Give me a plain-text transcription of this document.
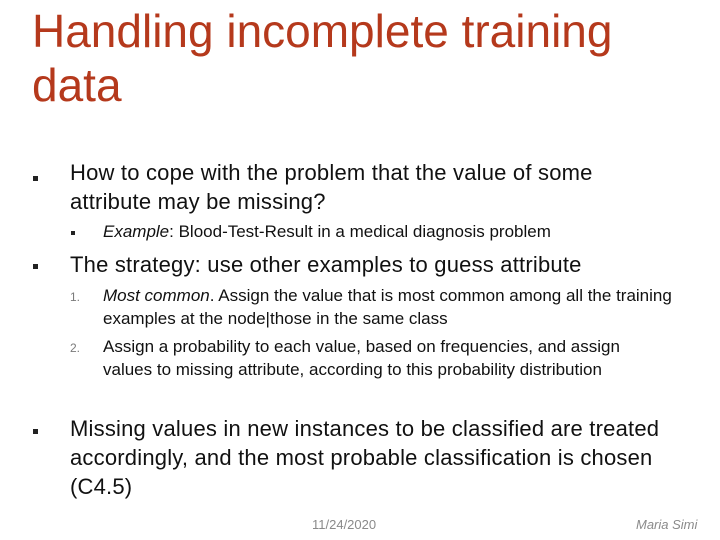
Handling incomplete training data

How to cope with the problem that the value of some attribute may be missing?

Example: Blood-Test-Result in a medical diagnosis problem

The strategy: use other examples to guess attribute

1. Most common. Assign the value that is most common among all the training examples at the node|those in the same class

2. Assign a probability to each value, based on frequencies, and assign values to missing attribute, according to this probability distribution

Missing values in new instances to be classified are treated accordingly, and the most probable classification is chosen (C4.5)

11/24/2020	Maria Simi
